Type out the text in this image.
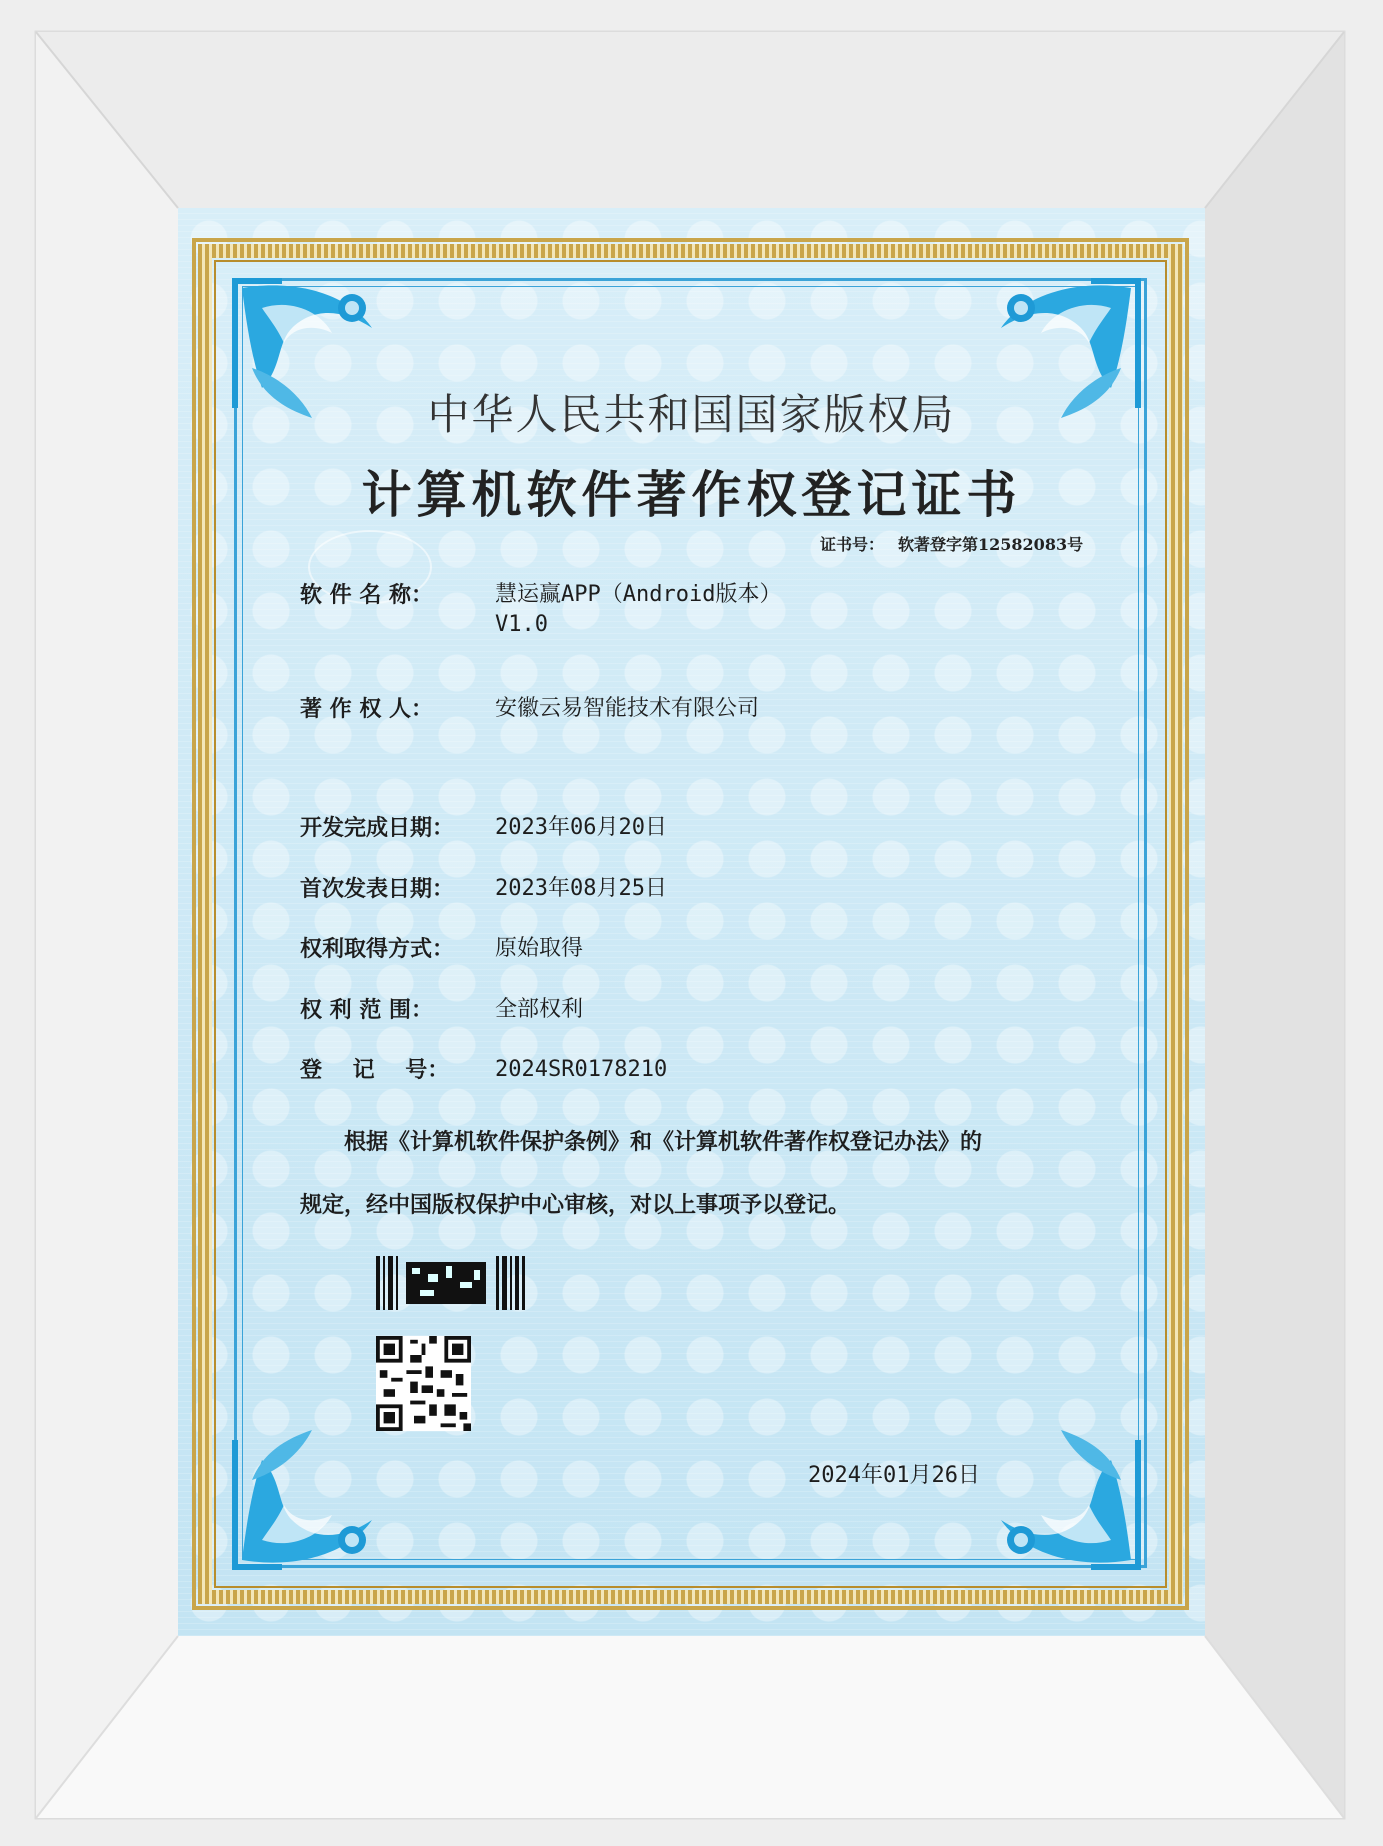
中华人民共和国国家版权局
计算机软件著作权登记证书
证书号： 软著登字第12582083号
软 件 名 称：	慧运赢APP（Android版本）
V1.0
著 作 权 人：	安徽云易智能技术有限公司
开发完成日期：	2023年06月20日
首次发表日期：	2023年08月25日
权利取得方式：	原始取得
权 利 范 围：	全部权利
登    记    号：	2024SR0178210
根据《计算机软件保护条例》和《计算机软件著作权登记办法》的
规定，经中国版权保护中心审核，对以上事项予以登记。
2024年01月26日
